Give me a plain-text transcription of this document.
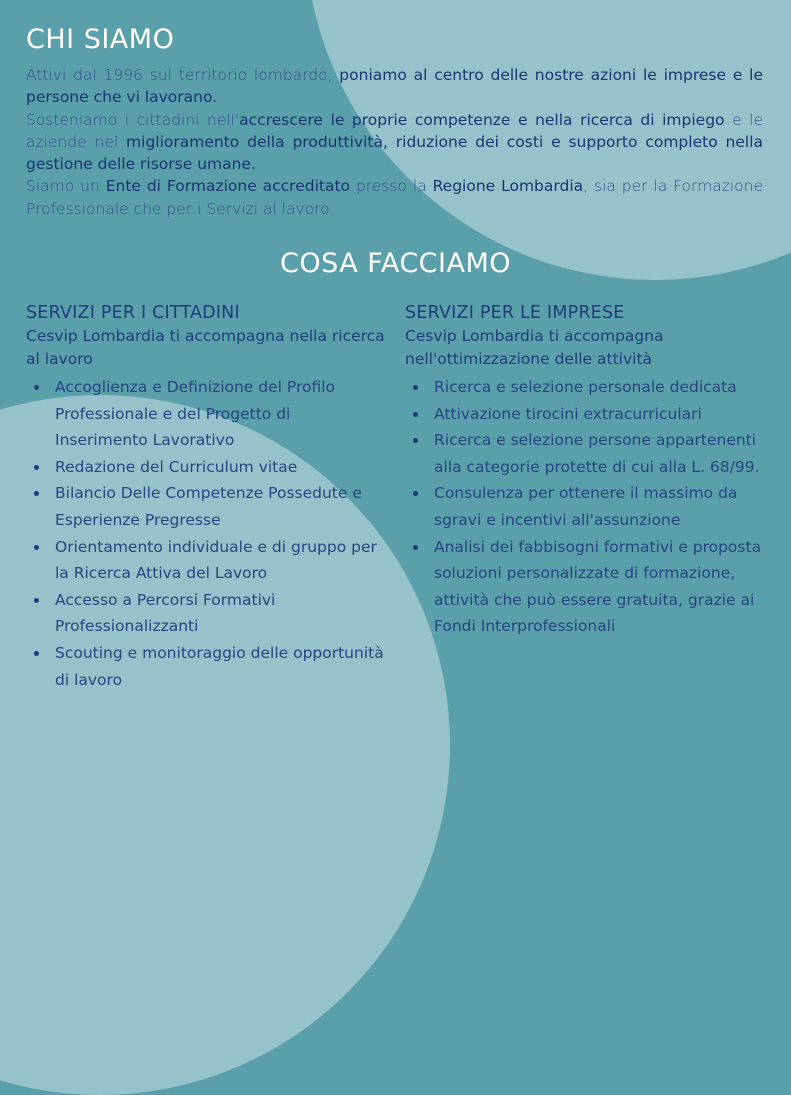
CHI SIAMO

Attivi dal 1996 sul territorio lombardo, poniamo al centro delle nostre azioni le imprese e le persone che vi lavorano.

Sosteniamo i cittadini nell'accrescere le proprie competenze e nella ricerca di impiego e le aziende nel miglioramento della produttività, riduzione dei costi e supporto completo nella gestione delle risorse umane.

Siamo un Ente di Formazione accreditato presso la Regione Lombardia, sia per la Formazione Professionale che per i Servizi al lavoro.

COSA FACCIAMO
SERVIZI PER I CITTADINI

Cesvip Lombardia ti accompagna nella ricerca al lavoro

Accoglienza e Definizione del Profilo Professionale e del Progetto di Inserimento Lavorativo
Redazione del Curriculum vitae
Bilancio Delle Competenze Possedute e Esperienze Pregresse
Orientamento individuale e di gruppo per la Ricerca Attiva del Lavoro
Accesso a Percorsi Formativi Professionalizzanti
Scouting e monitoraggio delle opportunità di lavoro
SERVIZI PER LE IMPRESE

Cesvip Lombardia ti accompagna nell'ottimizzazione delle attività

Ricerca e selezione personale dedicata
Attivazione tirocini extracurriculari
Ricerca e selezione persone appartenenti alla categorie protette di cui alla L. 68/99.
Consulenza per ottenere il massimo da sgravi e incentivi all'assunzione
Analisi dei fabbisogni formativi e proposta soluzioni personalizzate di formazione, attività che può essere gratuita, grazie ai Fondi Interprofessionali
